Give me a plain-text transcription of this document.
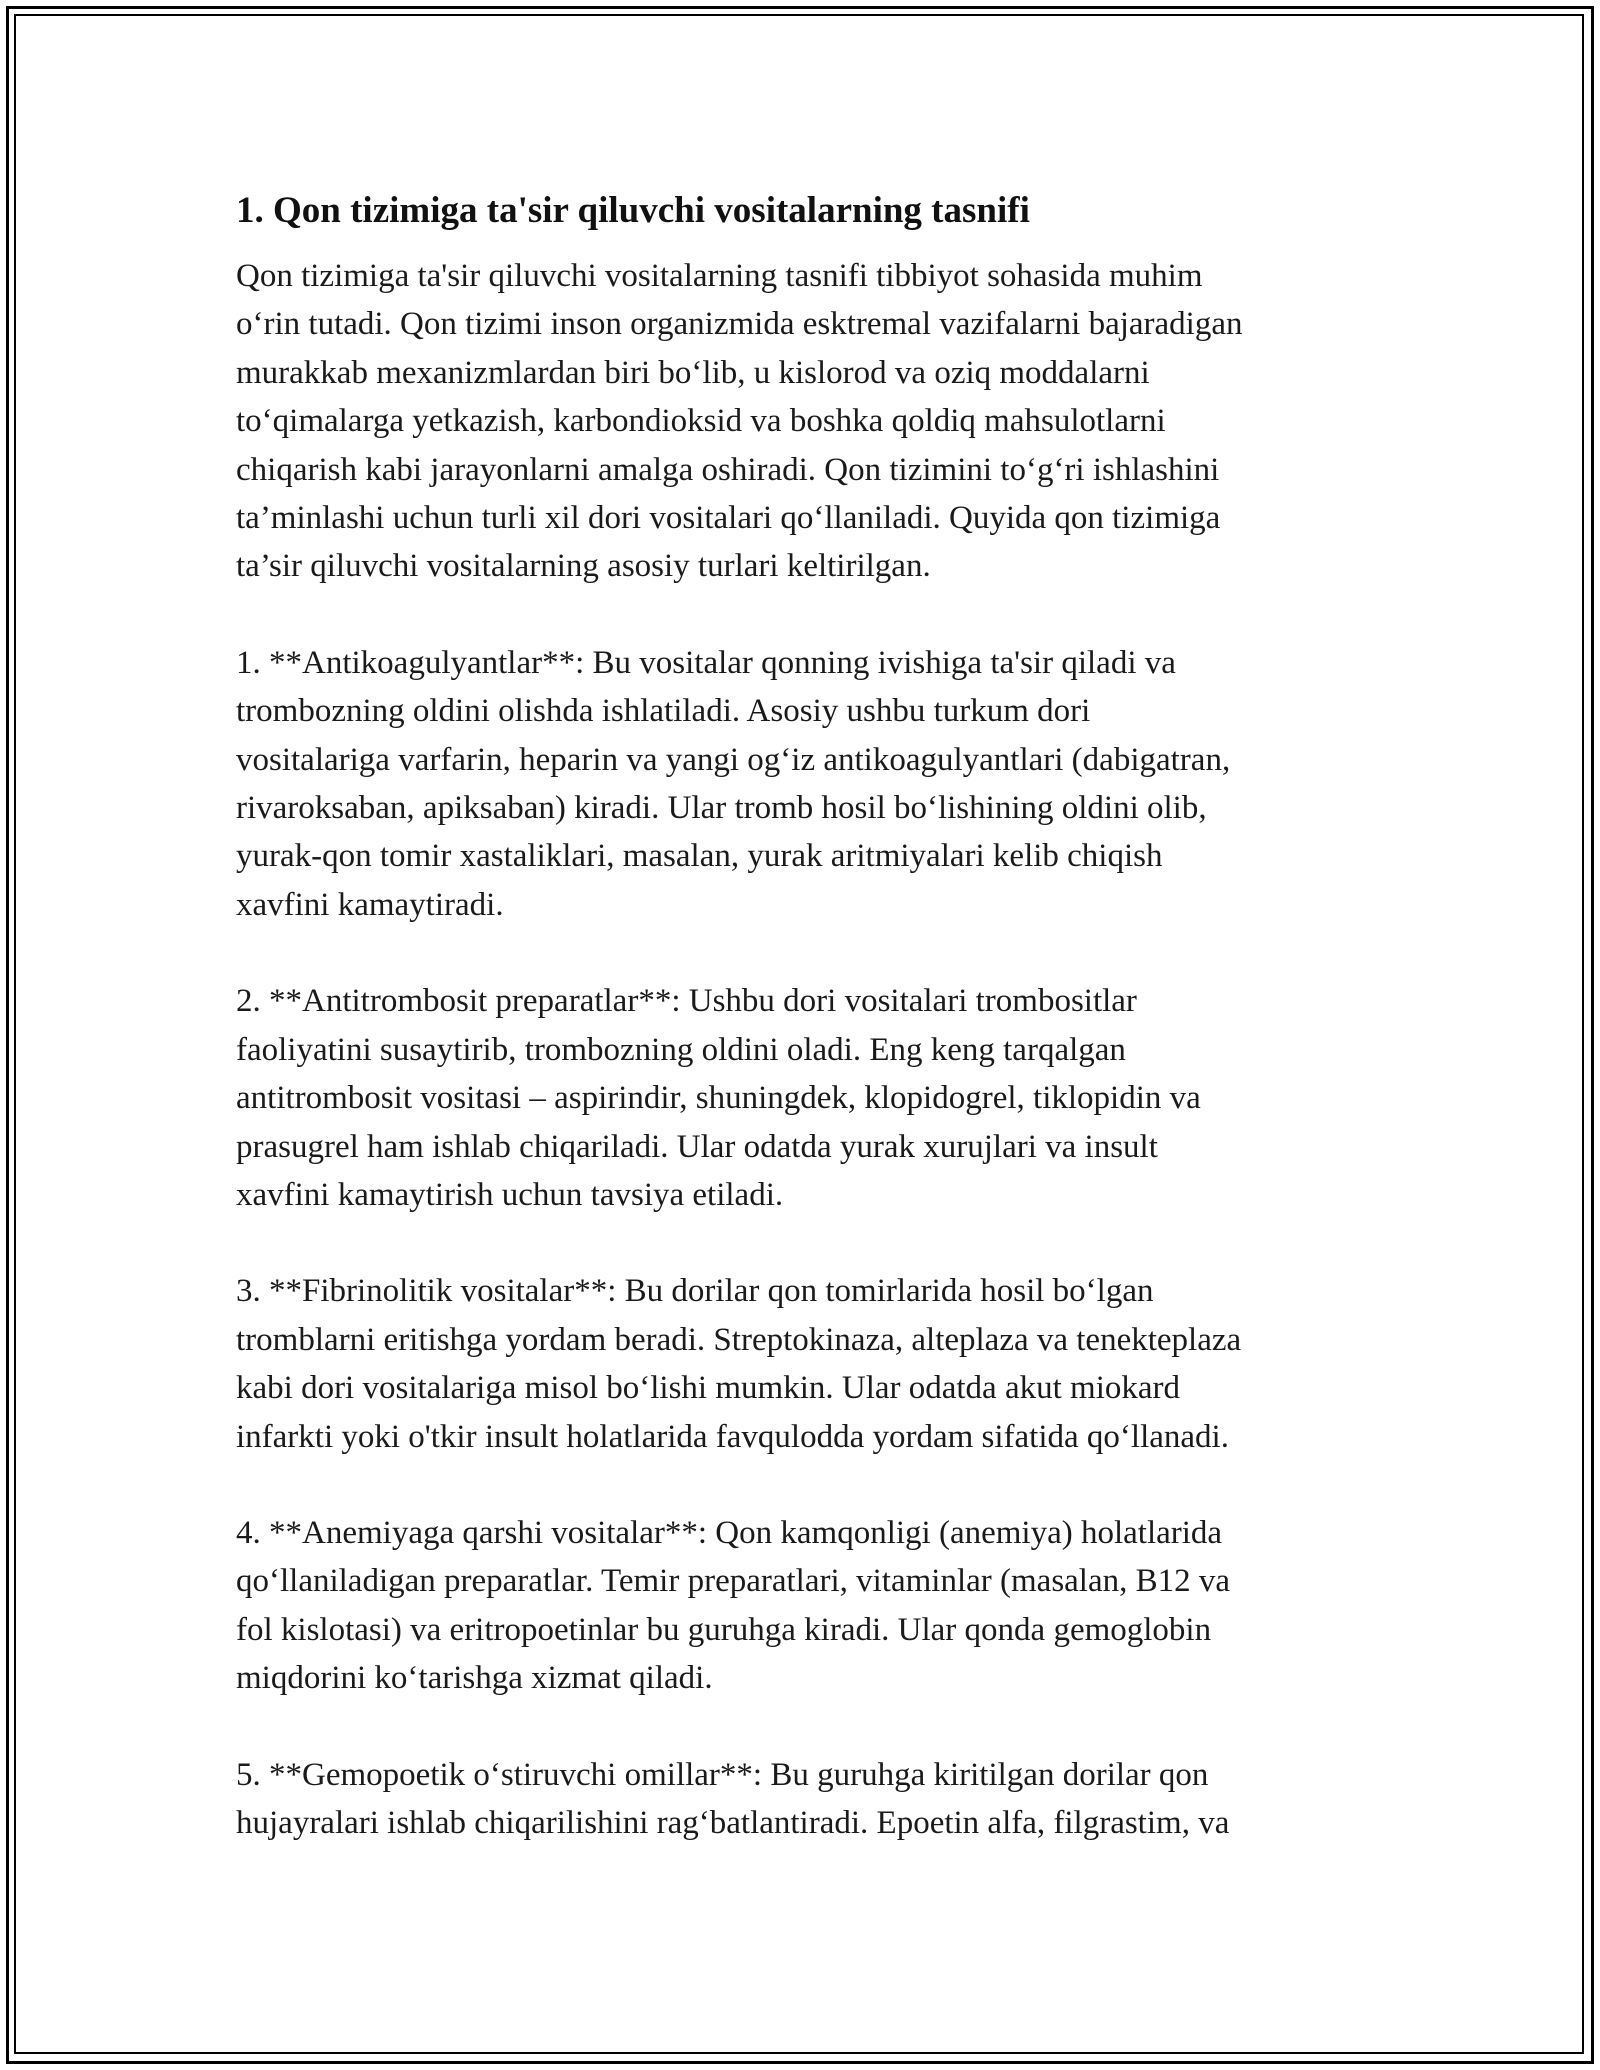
1. Qon tizimiga ta'sir qiluvchi vositalarning tasnifi
Qon tizimiga ta'sir qiluvchi vositalarning tasnifi tibbiyot sohasida muhim
o‘rin tutadi. Qon tizimi inson organizmida esktremal vazifalarni bajaradigan
murakkab mexanizmlardan biri bo‘lib, u kislorod va oziq moddalarni
to‘qimalarga yetkazish, karbondioksid va boshka qoldiq mahsulotlarni
chiqarish kabi jarayonlarni amalga oshiradi. Qon tizimini to‘g‘ri ishlashini
ta’minlashi uchun turli xil dori vositalari qo‘llaniladi. Quyida qon tizimiga
ta’sir qiluvchi vositalarning asosiy turlari keltirilgan.
1. **Antikoagulyantlar**: Bu vositalar qonning ivishiga ta'sir qiladi va
trombozning oldini olishda ishlatiladi. Asosiy ushbu turkum dori
vositalariga varfarin, heparin va yangi og‘iz antikoagulyantlari (dabigatran,
rivaroksaban, apiksaban) kiradi. Ular tromb hosil bo‘lishining oldini olib,
yurak-qon tomir xastaliklari, masalan, yurak aritmiyalari kelib chiqish
xavfini kamaytiradi.
2. **Antitrombosit preparatlar**: Ushbu dori vositalari trombositlar
faoliyatini susaytirib, trombozning oldini oladi. Eng keng tarqalgan
antitrombosit vositasi – aspirindir, shuningdek, klopidogrel, tiklopidin va
prasugrel ham ishlab chiqariladi. Ular odatda yurak xurujlari va insult
xavfini kamaytirish uchun tavsiya etiladi.
3. **Fibrinolitik vositalar**: Bu dorilar qon tomirlarida hosil bo‘lgan
tromblarni eritishga yordam beradi. Streptokinaza, alteplaza va tenekteplaza
kabi dori vositalariga misol bo‘lishi mumkin. Ular odatda akut miokard
infarkti yoki o'tkir insult holatlarida favqulodda yordam sifatida qo‘llanadi.
4. **Anemiyaga qarshi vositalar**: Qon kamqonligi (anemiya) holatlarida
qo‘llaniladigan preparatlar. Temir preparatlari, vitaminlar (masalan, B12 va
fol kislotasi) va eritropoetinlar bu guruhga kiradi. Ular qonda gemoglobin
miqdorini ko‘tarishga xizmat qiladi.
5. **Gemopoetik o‘stiruvchi omillar**: Bu guruhga kiritilgan dorilar qon
hujayralari ishlab chiqarilishini rag‘batlantiradi. Epoetin alfa, filgrastim, va
